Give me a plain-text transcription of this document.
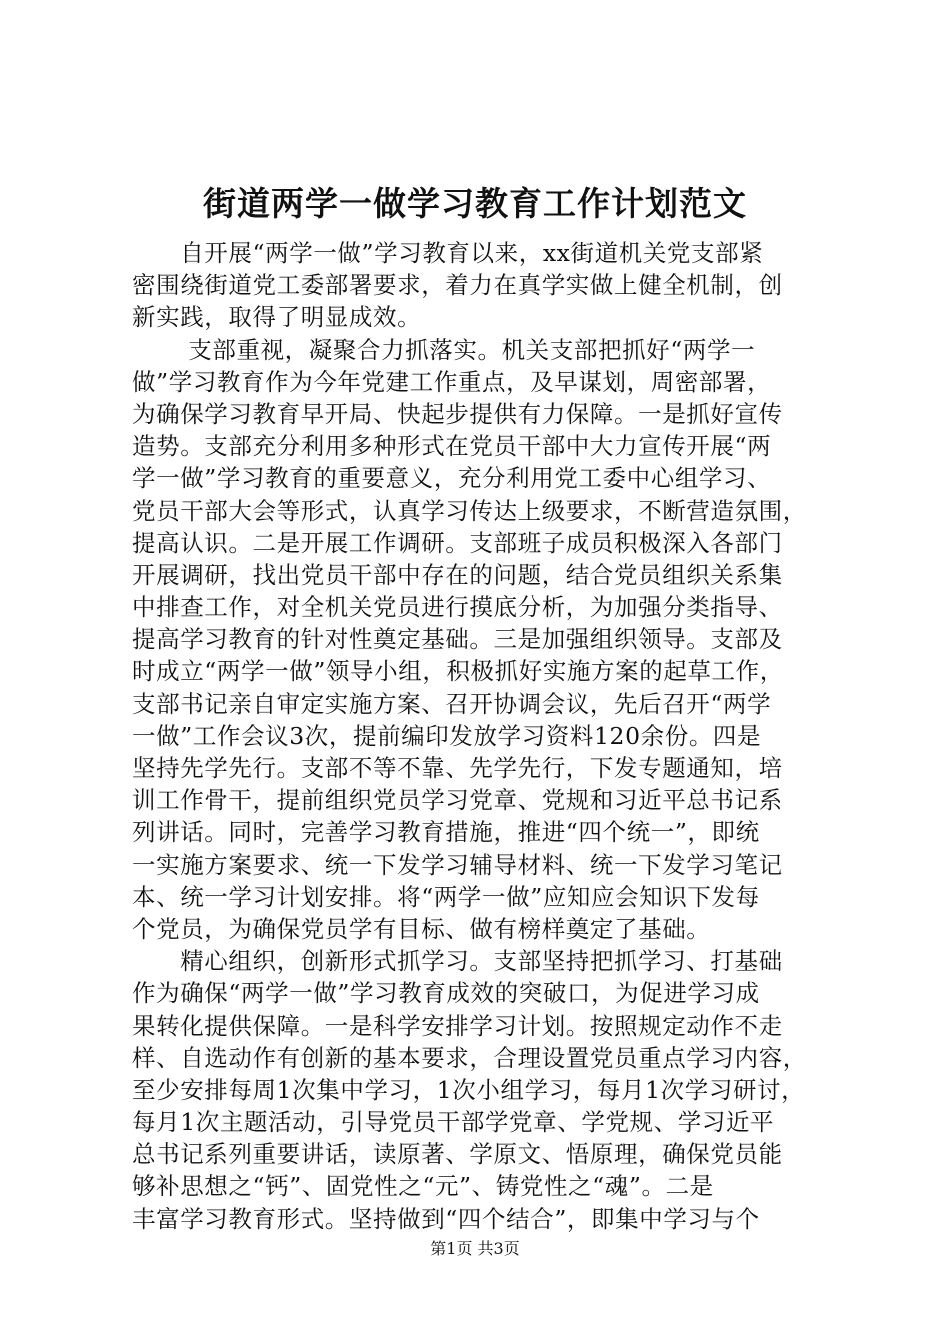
街道两学一做学习教育工作计划范文
　　自开展“两学一做”学习教育以来，xx街道机关党支部紧
密围绕街道党工委部署要求，着力在真学实做上健全机制，创
新实践，取得了明显成效。
　　 支部重视，凝聚合力抓落实。机关支部把抓好“两学一
做”学习教育作为今年党建工作重点，及早谋划，周密部署，
为确保学习教育早开局、快起步提供有力保障。一是抓好宣传
造势。支部充分利用多种形式在党员干部中大力宣传开展“两
学一做”学习教育的重要意义，充分利用党工委中心组学习、
党员干部大会等形式，认真学习传达上级要求，不断营造氛围，
提高认识。二是开展工作调研。支部班子成员积极深入各部门
开展调研，找出党员干部中存在的问题，结合党员组织关系集
中排查工作，对全机关党员进行摸底分析，为加强分类指导、
提高学习教育的针对性奠定基础。三是加强组织领导。支部及
时成立“两学一做”领导小组，积极抓好实施方案的起草工作，
支部书记亲自审定实施方案、召开协调会议，先后召开“两学
一做”工作会议3次，提前编印发放学习资料120余份。四是
坚持先学先行。支部不等不靠、先学先行，下发专题通知，培
训工作骨干，提前组织党员学习党章、党规和习近平总书记系
列讲话。同时，完善学习教育措施，推进“四个统一”，即统
一实施方案要求、统一下发学习辅导材料、统一下发学习笔记
本、统一学习计划安排。将“两学一做”应知应会知识下发每
个党员，为确保党员学有目标、做有榜样奠定了基础。
　　精心组织，创新形式抓学习。支部坚持把抓学习、打基础
作为确保“两学一做”学习教育成效的突破口，为促进学习成
果转化提供保障。一是科学安排学习计划。按照规定动作不走
样、自选动作有创新的基本要求，合理设置党员重点学习内容，
至少安排每周1次集中学习，1次小组学习，每月1次学习研讨，
每月1次主题活动，引导党员干部学党章、学党规、学习近平
总书记系列重要讲话，读原著、学原文、悟原理，确保党员能
够补思想之“钙”、固党性之“元”、铸党性之“魂”。二是
丰富学习教育形式。坚持做到“四个结合”，即集中学习与个
第1页 共3页
